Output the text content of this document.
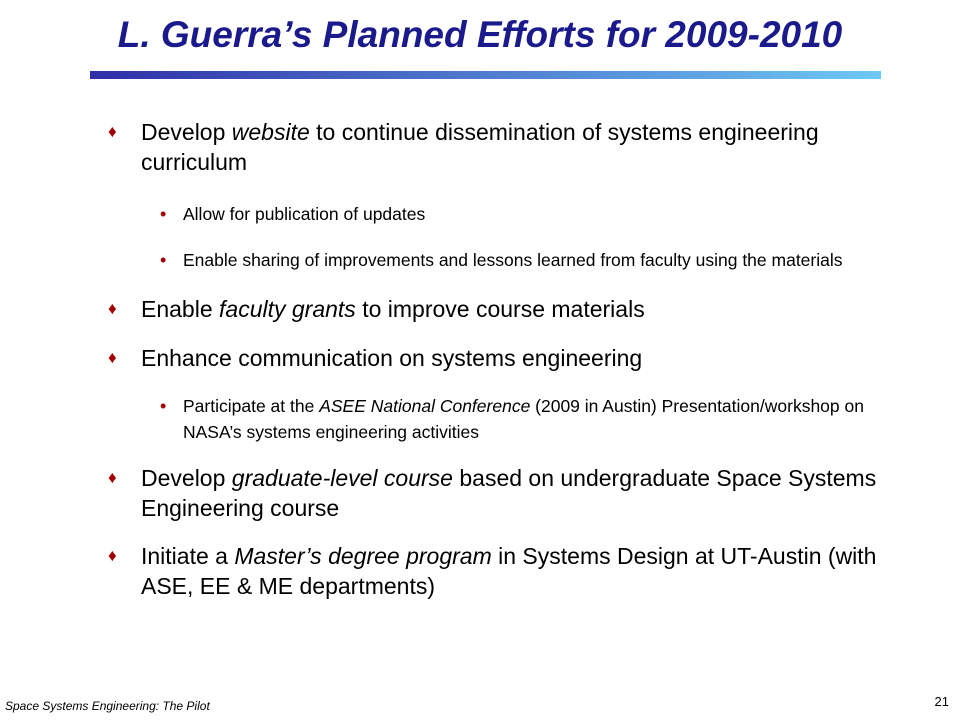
L. Guerra’s Planned Efforts for 2009-2010
♦ Develop website to continue dissemination of systems engineering curriculum
• Allow for publication of updates
• Enable sharing of improvements and lessons learned from faculty using the materials
♦ Enable faculty grants to improve course materials
♦ Enhance communication on systems engineering
• Participate at the ASEE National Conference (2009 in Austin) Presentation/workshop on NASA’s systems engineering activities
♦ Develop graduate-level course based on undergraduate Space Systems Engineering course
♦ Initiate a Master’s degree program in Systems Design at UT-Austin (with ASE, EE & ME departments)
Space Systems Engineering: The Pilot	21
